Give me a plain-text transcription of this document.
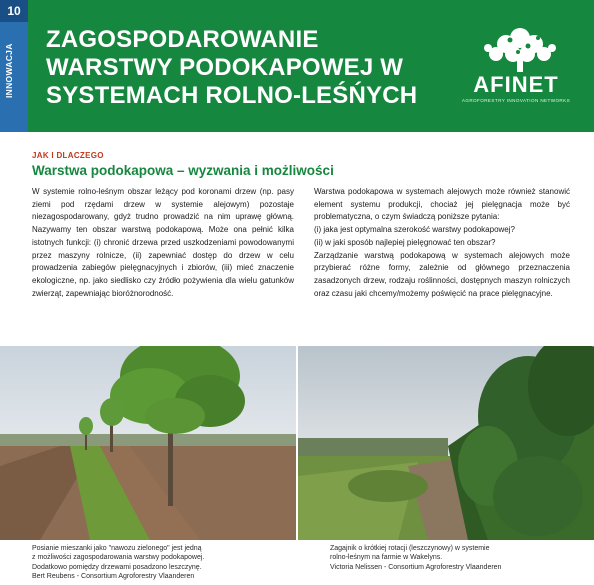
10
INNOWACJA
ZAGOSPODAROWANIE
WARSTWY PODOKAPOWEJ W
SYSTEMACH ROLNO-LEŚŃYCH	AFINET
AGROFORESTRY INNOVATION NETWORKS
JAK I DLACZEGO
Warstwa podokapowa – wyzwania i możliwości

W systemie rolno-leśnym obszar leżący pod koronami drzew (np. pasy ziemi pod rzędami drzew w systemie alejowym) pozostaje niezagospodarowany, gdyż trudno prowadzić na nim uprawę główną. Nazywamy ten obszar warstwą podokapową. Może ona pełnić kilka istotnych funkcji: (i) chronić drzewa przed uszkodzeniami powodowanymi przez maszyny rolnicze, (ii) zapewniać dostęp do drzew w celu prowadzenia zabiegów pielęgnacyjnych i zbiorów, (iii) mieć znaczenie ekologiczne, np. jako siedlisko czy źródło pożywienia dla wielu gatunków zwierząt, zapewniając bioróżnorodność.

Warstwa podokapowa w systemach alejowych może również stanowić element systemu produkcji, chociaż jej pielęgnacja może być problematyczna, o czym świadczą poniższe pytania:

(i) jaka jest optymalna szerokość warstwy podokapowej?

(ii) w jaki sposób najlepiej pielęgnować ten obszar?

Zarządzanie warstwą podokapową w systemach alejowych może przybierać różne formy, zależnie od głównego przeznaczenia zasadzonych drzew, rodzaju roślinności, dostępnych maszyn rolniczych oraz czasu jaki chcemy/możemy poświęcić na prace pielęgnacyjne.

Posianie mieszanki jako "nawozu zielonego" jest jedną
z możliwości zagospodarowania warstwy podokapowej.
Dodatkowo pomiędzy drzewami posadzono leszczynę.
Bert Reubens - Consortium Agroforestry Vlaanderen
Zagajnik o krótkiej rotacji (leszczynowy) w systemie
rolno-leśnym na farmie w Wakelyns.
Victoria Nelissen - Consortium Agroforestry Vlaanderen
